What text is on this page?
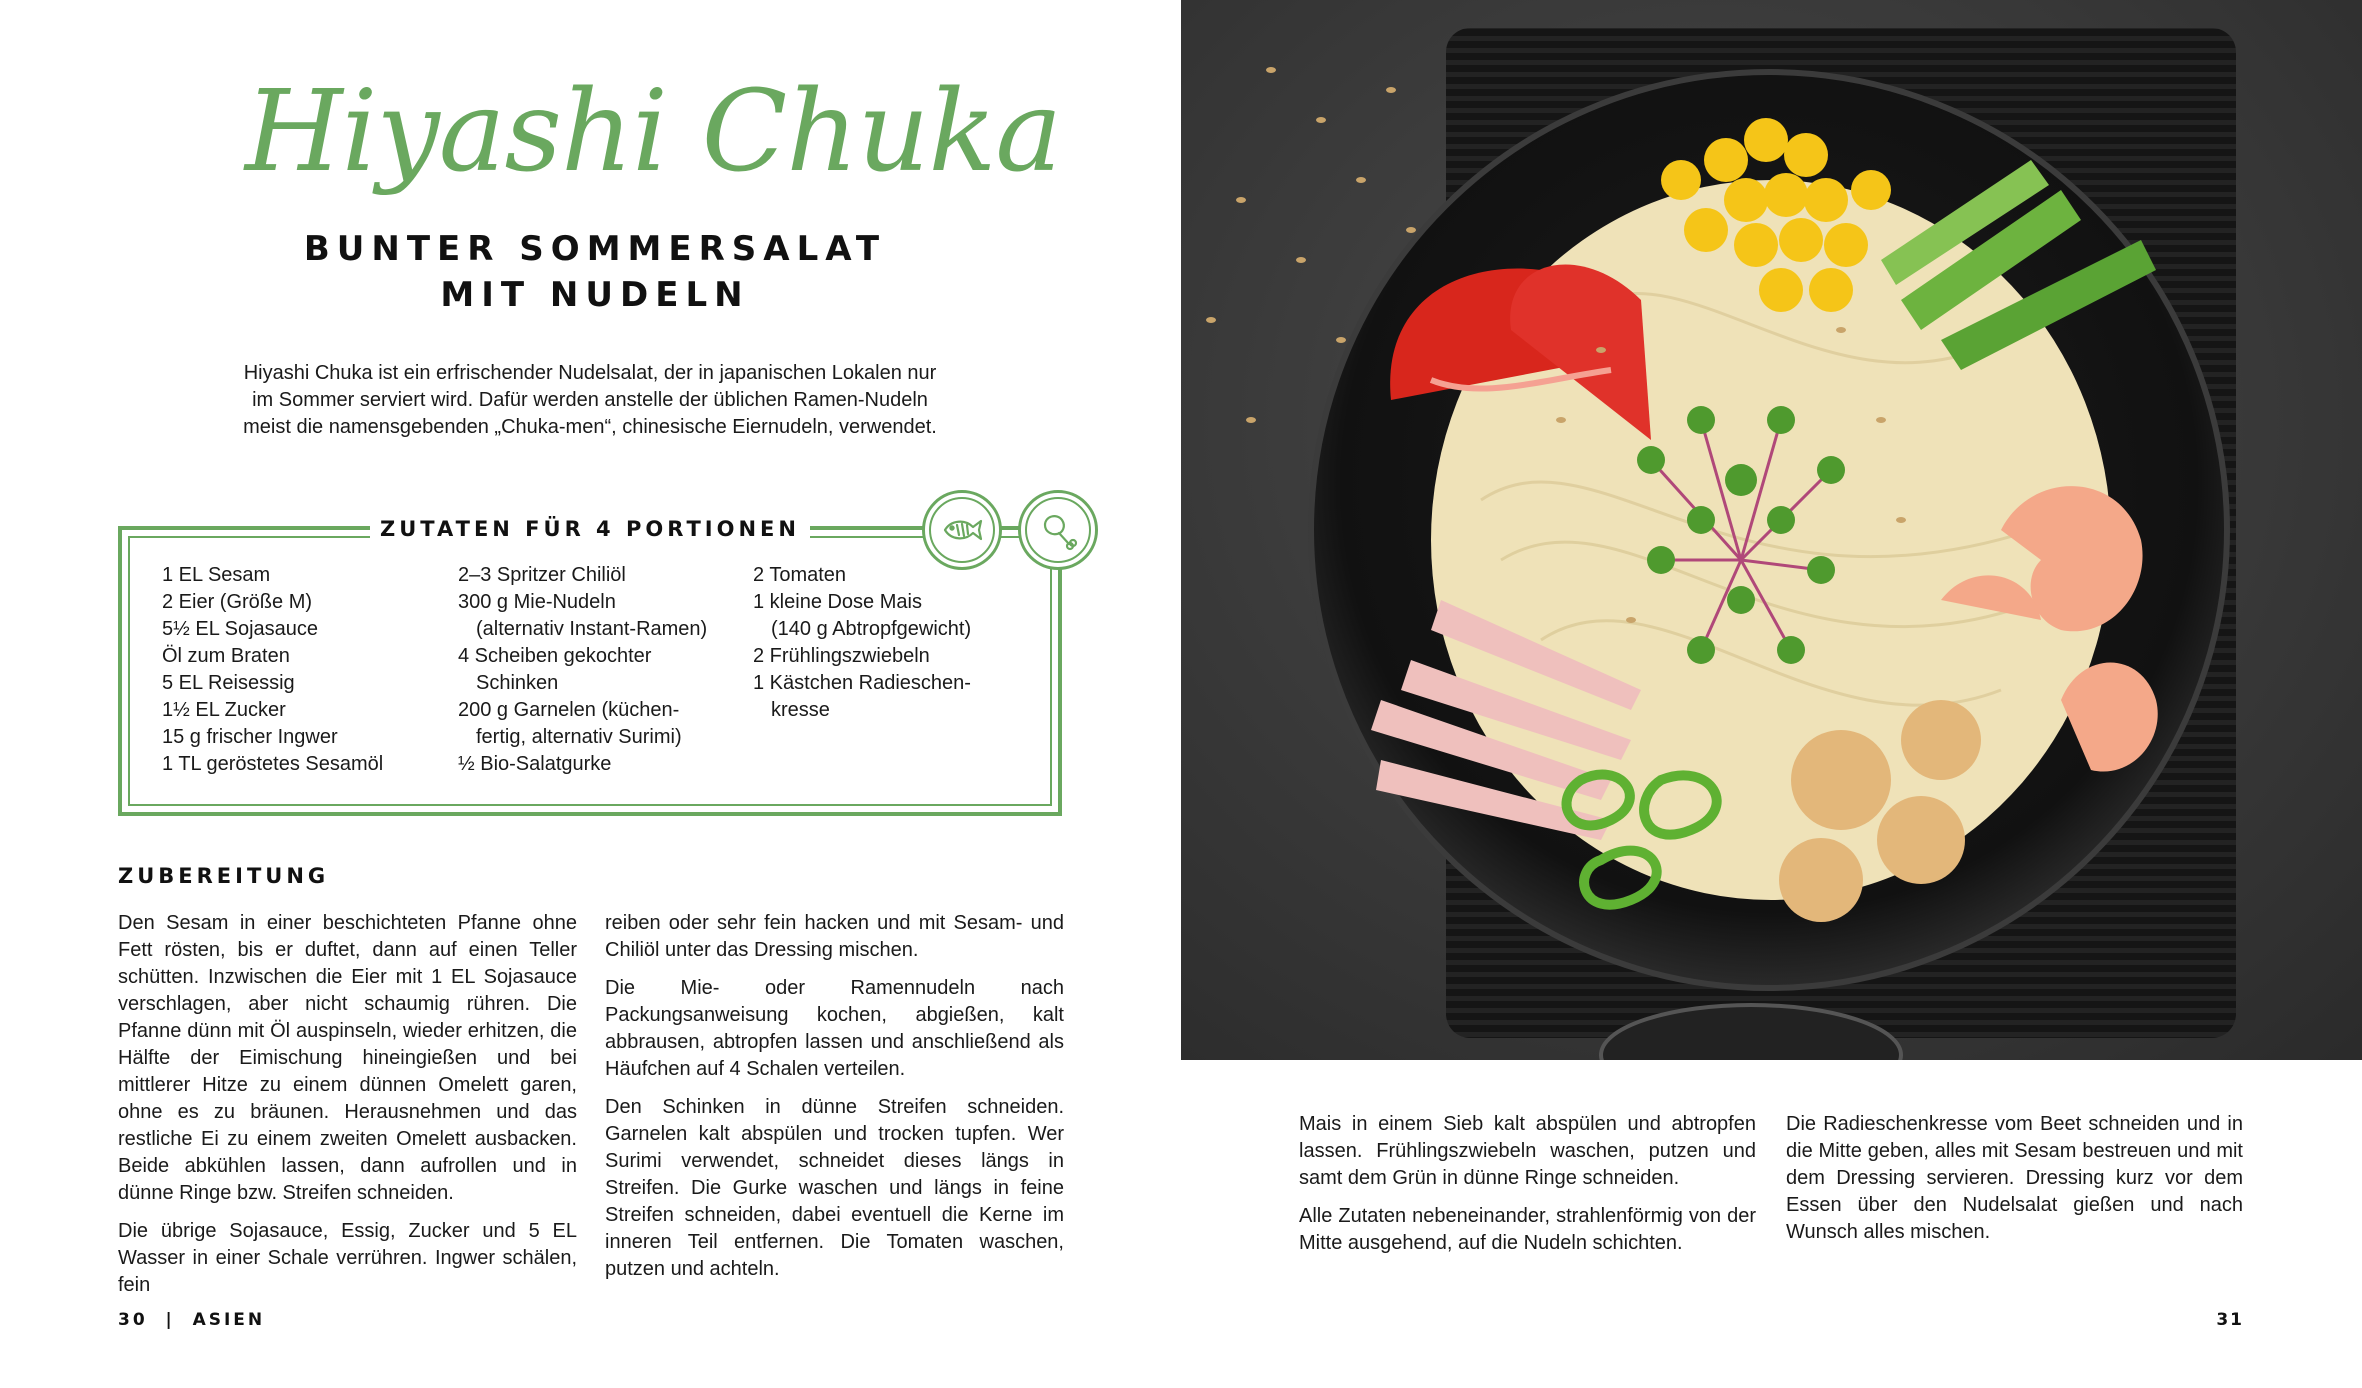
Hiyashi Chuka
BUNTER SOMMERSALAT
MIT NUDELN

Hiyashi Chuka ist ein erfrischender Nudelsalat, der in japanischen Lokalen nur im Sommer serviert wird. Dafür werden anstelle der üblichen Ramen-Nudeln meist die namensgebenden „Chuka-men“, chinesische Eiernudeln, verwendet.

ZUTATEN FÜR 4 PORTIONEN
1 EL Sesam
2 Eier (Größe M)
5½ EL Sojasauce
Öl zum Braten
5 EL Reisessig
1½ EL Zucker
15 g frischer Ingwer
1 TL geröstetes Sesamöl
2–3 Spritzer Chiliöl
300 g Mie-Nudeln
(alternativ Instant-Ramen)
4 Scheiben gekochter
Schinken
200 g Garnelen (küchen-
fertig, alternativ Surimi)
½ Bio-Salatgurke
2 Tomaten
1 kleine Dose Mais
(140 g Abtropfgewicht)
2 Frühlingszwiebeln
1 Kästchen Radieschen-
kresse
ZUBEREITUNG

Den Sesam in einer beschichteten Pfanne ohne Fett rösten, bis er duftet, dann auf einen Teller schütten. Inzwischen die Eier mit 1 EL Sojasauce verschlagen, aber nicht schaumig rühren. Die Pfanne dünn mit Öl auspinseln, wieder erhitzen, die Hälfte der Eimischung hineingießen und bei mittlerer Hitze zu einem dünnen Omelett garen, ohne es zu bräunen. Herausnehmen und das restliche Ei zu einem zweiten Omelett ausbacken. Beide abkühlen lassen, dann aufrollen und in dünne Ringe bzw. Streifen schneiden.

Die übrige Sojasauce, Essig, Zucker und 5 EL Wasser in einer Schale verrühren. Ingwer schälen, fein

reiben oder sehr fein hacken und mit Sesam- und Chiliöl unter das Dressing mischen.

Die Mie- oder Ramennudeln nach Packungsanweisung kochen, abgießen, kalt abbrausen, abtropfen lassen und anschließend als Häufchen auf 4 Schalen verteilen.

Den Schinken in dünne Streifen schneiden. Garnelen kalt abspülen und trocken tupfen. Wer Surimi verwendet, schneidet dieses längs in Streifen. Die Gurke waschen und längs in feine Streifen schneiden, dabei eventuell die Kerne im inneren Teil entfernen. Die Tomaten waschen, putzen und achteln.

Mais in einem Sieb kalt abspülen und abtropfen lassen. Frühlingszwiebeln waschen, putzen und samt dem Grün in dünne Ringe schneiden.

Alle Zutaten nebeneinander, strahlenförmig von der Mitte ausgehend, auf die Nudeln schichten.

Die Radieschenkresse vom Beet schneiden und in die Mitte geben, alles mit Sesam bestreuen und mit dem Dressing servieren. Dressing kurz vor dem Essen über den Nudelsalat gießen und nach Wunsch alles mischen.

30 | ASIEN	31
